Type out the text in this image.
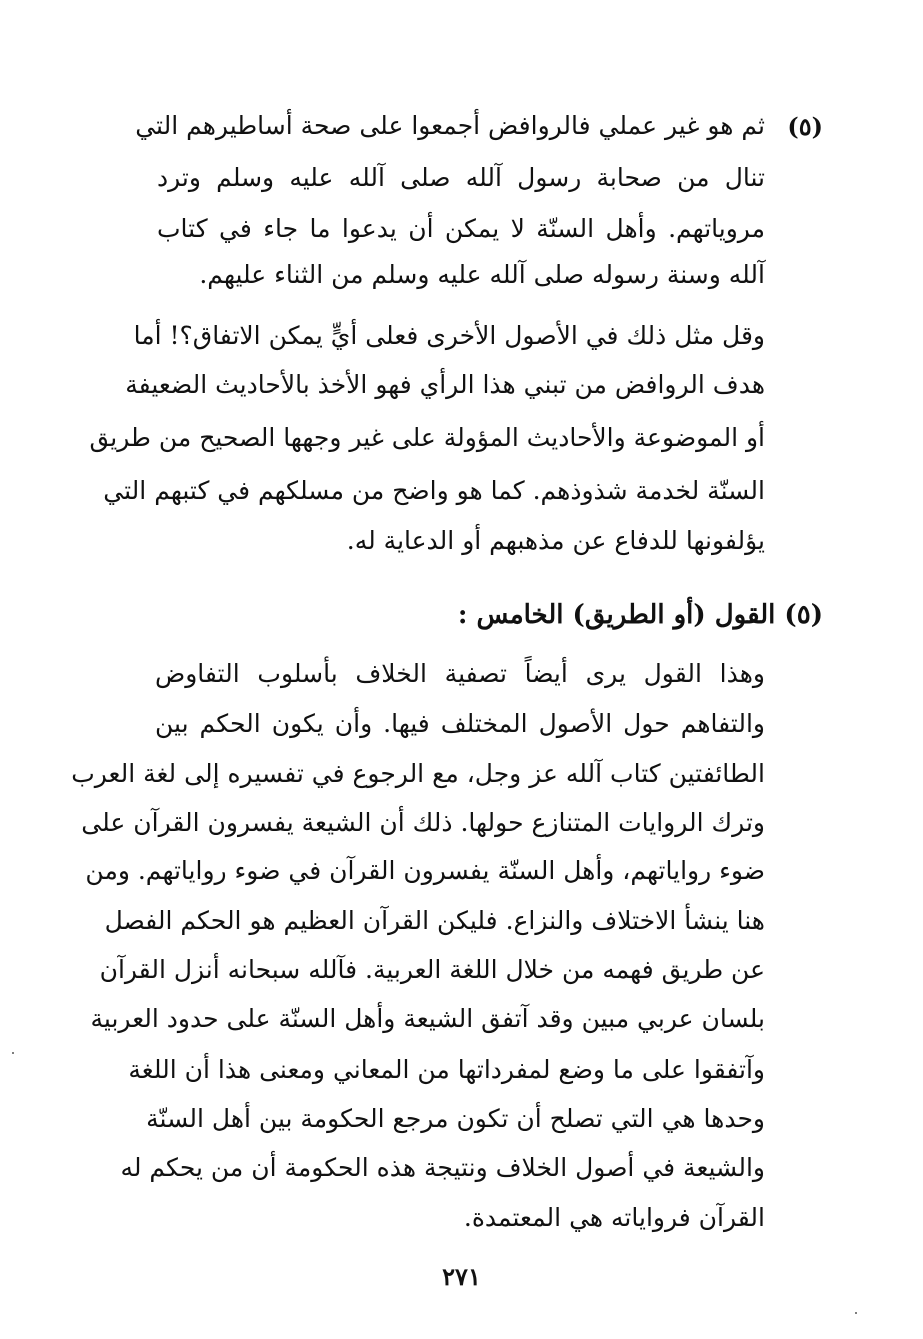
(٥)
ثم هو غير عملي فالروافض أجمعوا على صحة أساطيرهم التي
تنال من صحابة رسول آلله صلى آلله عليه وسلم وترد
مروياتهم. وأهل السنّة لا يمكن أن يدعوا ما جاء في كتاب
آلله وسنة رسوله صلى آلله عليه وسلم من الثناء عليهم.
وقل مثل ذلك في الأصول الأخرى فعلى أيٍّ يمكن الاتفاق؟! أما
هدف الروافض من تبني هذا الرأي فهو الأخذ بالأحاديث الضعيفة
أو الموضوعة والأحاديث المؤولة على غير وجهها الصحيح من طريق
السنّة لخدمة شذوذهم. كما هو واضح من مسلكهم في كتبهم التي
يؤلفونها للدفاع عن مذهبهم أو الدعاية له.
(٥) القول (أو الطريق) الخامس :
وهذا القول يرى أيضاً تصفية الخلاف بأسلوب التفاوض
والتفاهم حول الأصول المختلف فيها. وأن يكون الحكم بين
الطائفتين كتاب آلله عز وجل، مع الرجوع في تفسيره إلى لغة العرب
وترك الروايات المتنازع حولها. ذلك أن الشيعة يفسرون القرآن على
ضوء رواياتهم، وأهل السنّة يفسرون القرآن في ضوء رواياتهم. ومن
هنا ينشأ الاختلاف والنزاع. فليكن القرآن العظيم هو الحكم الفصل
عن طريق فهمه من خلال اللغة العربية. فآلله سبحانه أنزل القرآن
بلسان عربي مبين وقد آتفق الشيعة وأهل السنّة على حدود العربية
وآتفقوا على ما وضع لمفرداتها من المعاني ومعنى هذا أن اللغة
وحدها هي التي تصلح أن تكون مرجع الحكومة بين أهل السنّة
والشيعة في أصول الخلاف ونتيجة هذه الحكومة أن من يحكم له
القرآن فرواياته هي المعتمدة.
٢٧١
